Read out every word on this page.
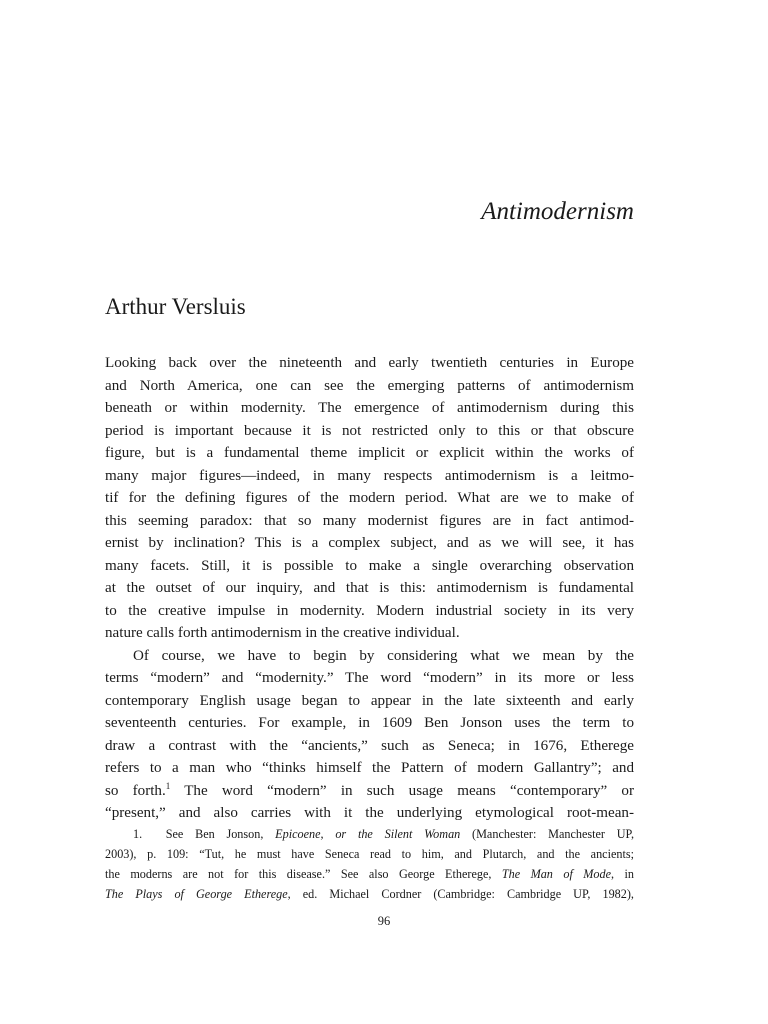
Antimodernism
Arthur Versluis
Looking back over the nineteenth and early twentieth centuries in Europe
and North America, one can see the emerging patterns of antimodernism
beneath or within modernity. The emergence of antimodernism during this
period is important because it is not restricted only to this or that obscure
figure, but is a fundamental theme implicit or explicit within the works of
many major figures—indeed, in many respects antimodernism is a leitmo-
tif for the defining figures of the modern period. What are we to make of
this seeming paradox: that so many modernist figures are in fact antimod-
ernist by inclination? This is a complex subject, and as we will see, it has
many facets. Still, it is possible to make a single overarching observation
at the outset of our inquiry, and that is this: antimodernism is fundamental
to the creative impulse in modernity. Modern industrial society in its very
nature calls forth antimodernism in the creative individual.
Of course, we have to begin by considering what we mean by the
terms “modern” and “modernity.” The word “modern” in its more or less
contemporary English usage began to appear in the late sixteenth and early
seventeenth centuries. For example, in 1609 Ben Jonson uses the term to
draw a contrast with the “ancients,” such as Seneca; in 1676, Etherege
refers to a man who “thinks himself the Pattern of modern Gallantry”; and
so forth.$^1$ The word “modern” in such usage means “contemporary” or
“present,” and also carries with it the underlying etymological root-mean-
1.  See Ben Jonson, Epicoene, or the Silent Woman (Manchester: Manchester UP,
2003), p. 109: “Tut, he must have Seneca read to him, and Plutarch, and the ancients;
the moderns are not for this disease.” See also George Etherege, The Man of Mode, in
The Plays of George Etherege, ed. Michael Cordner (Cambridge: Cambridge UP, 1982),
96
